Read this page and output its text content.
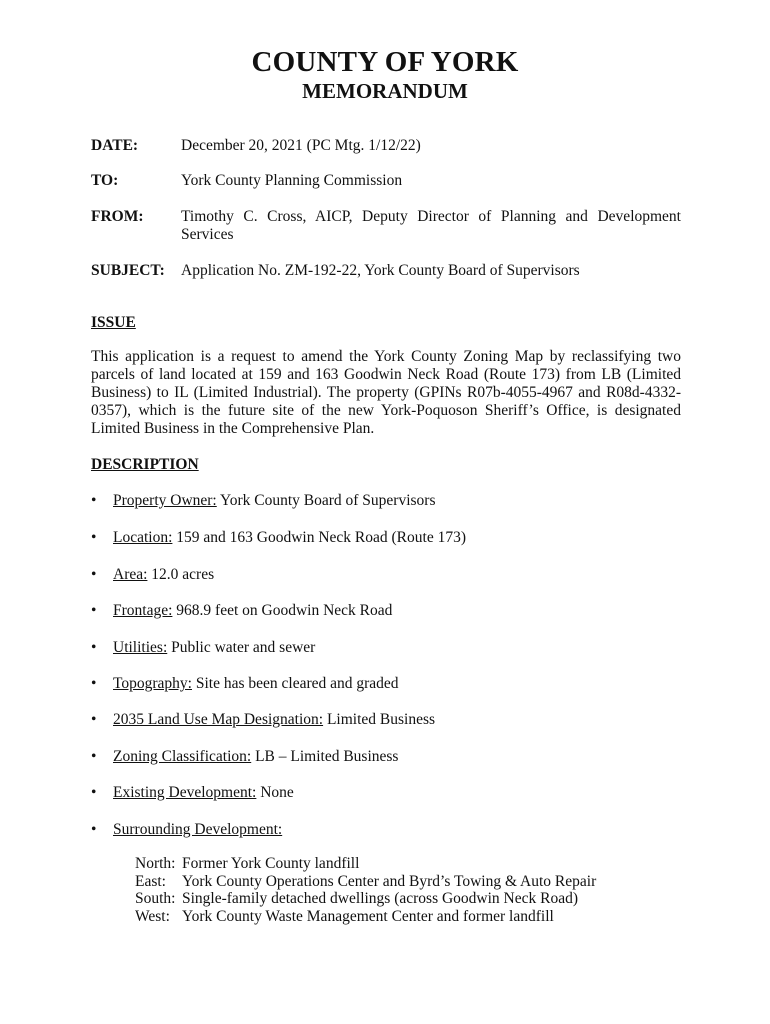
COUNTY OF YORK
MEMORANDUM
DATE:	December 20, 2021 (PC Mtg. 1/12/22)
TO:	York County Planning Commission
FROM: Timothy C. Cross, AICP, Deputy Director of Planning and Development Services
SUBJECT: Application No. ZM-192-22, York County Board of Supervisors
ISSUE
This application is a request to amend the York County Zoning Map by reclassifying two parcels of land located at 159 and 163 Goodwin Neck Road (Route 173) from LB (Limited Business) to IL (Limited Industrial). The property (GPINs R07b-4055-4967 and R08d-4332-0357), which is the future site of the new York-Poquoson Sheriff’s Office, is designated Limited Business in the Comprehensive Plan.
DESCRIPTION
• Property Owner: York County Board of Supervisors
• Location: 159 and 163 Goodwin Neck Road (Route 173)
• Area: 12.0 acres
• Frontage: 968.9 feet on Goodwin Neck Road
• Utilities: Public water and sewer
• Topography: Site has been cleared and graded
• 2035 Land Use Map Designation: Limited Business
• Zoning Classification: LB – Limited Business
• Existing Development: None
• Surrounding Development:
North: Former York County landfill
East: York County Operations Center and Byrd’s Towing & Auto Repair
South: Single-family detached dwellings (across Goodwin Neck Road)
West: York County Waste Management Center and former landfill
